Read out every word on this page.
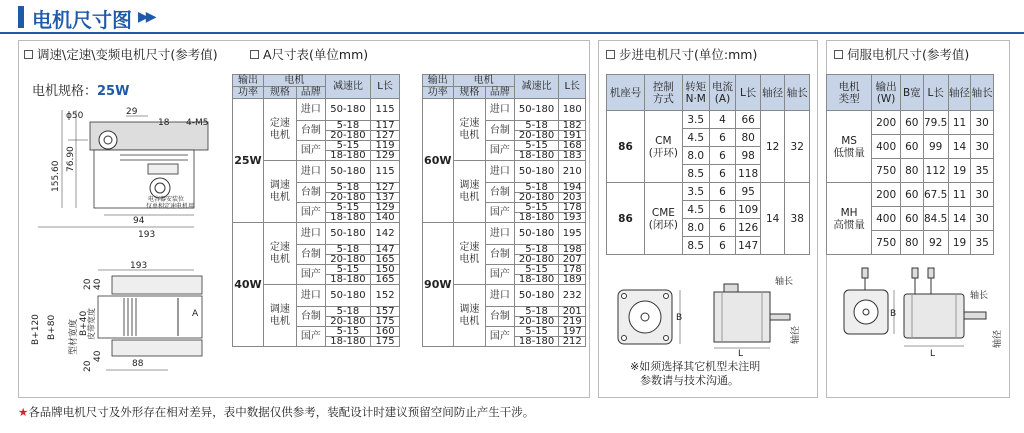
电机尺寸图 ▶▶
调速\定速\变频电机尺寸(参考值)	A尺寸表(单位mm)
电机规格：25W
ϕ50	29
18 4-M5
155.60
76.90
94
193
电容器安装位
仅单相定速电机用
193
88
A
B+120 B+80 B+40
型材宽度 皮带宽度
20 40
20
40
输出	电机		减速比	L长
功率	规格	品牌		
25W	定速
电机	进口	50-180	115
		台制	5-18	117
			20-180	127
		国产	5-15	119
			18-180	129

	调速
电机	进口	50-180	115
		台制	5-18	127
			20-180	137
		国产	5-15	129
			18-180	140
40W	定速
电机	进口	50-180	142
		台制	5-18	147
			20-180	165
		国产	5-15	150
			18-180	165

	调速
电机	进口	50-180	152
		台制	5-18	157
			20-180	175
		国产	5-15	160
			18-180	175
输出	电机		减速比	L长
功率	规格	品牌		
60W	定速
电机	进口	50-180	180
		台制	5-18	182
			20-180	191
		国产	5-15	168
			18-180	183

	调速
电机	进口	50-180	210
		台制	5-18	194
			20-180	203
		国产	5-15	178
			18-180	193
90W	定速
电机	进口	50-180	195
		台制	5-18	198
			20-180	207
		国产	5-15	178
			18-180	189

	调速
电机	进口	50-180	232
		台制	5-18	201
			20-180	219
		国产	5-15	197
			18-180	212
步进电机尺寸(单位:mm)
机座号	控制
方式	转矩
N·M	电流
(A)	L长	轴径	轴长
86	CM
(开环)	3.5	4	66	12	32
		4.5	6	80		
		8.0	6	98		
		8.5	6	118		
86	CME
(闭环)	3.5	6	95	14	38
		4.5	6	109		
		8.0	6	126		
		8.5	6	147		
B
L
轴长
轴径
※如须选择其它机型未注明
参数请与技术沟通。
伺服电机尺寸(参考值)
电机
类型	输出
(W)	B宽	L长	轴径	轴长

MS
低惯量	200	60	79.5	11	30
	400	60	99	14	30
	750	80	112	19	35

MH
高惯量	200	60	67.5	11	30
	400	60	84.5	14	30
	750	80	92	19	35
B
L
轴长
轴径
★各品牌电机尺寸及外形存在相对差异，表中数据仅供参考，装配设计时建议预留空间防止产生干涉。
